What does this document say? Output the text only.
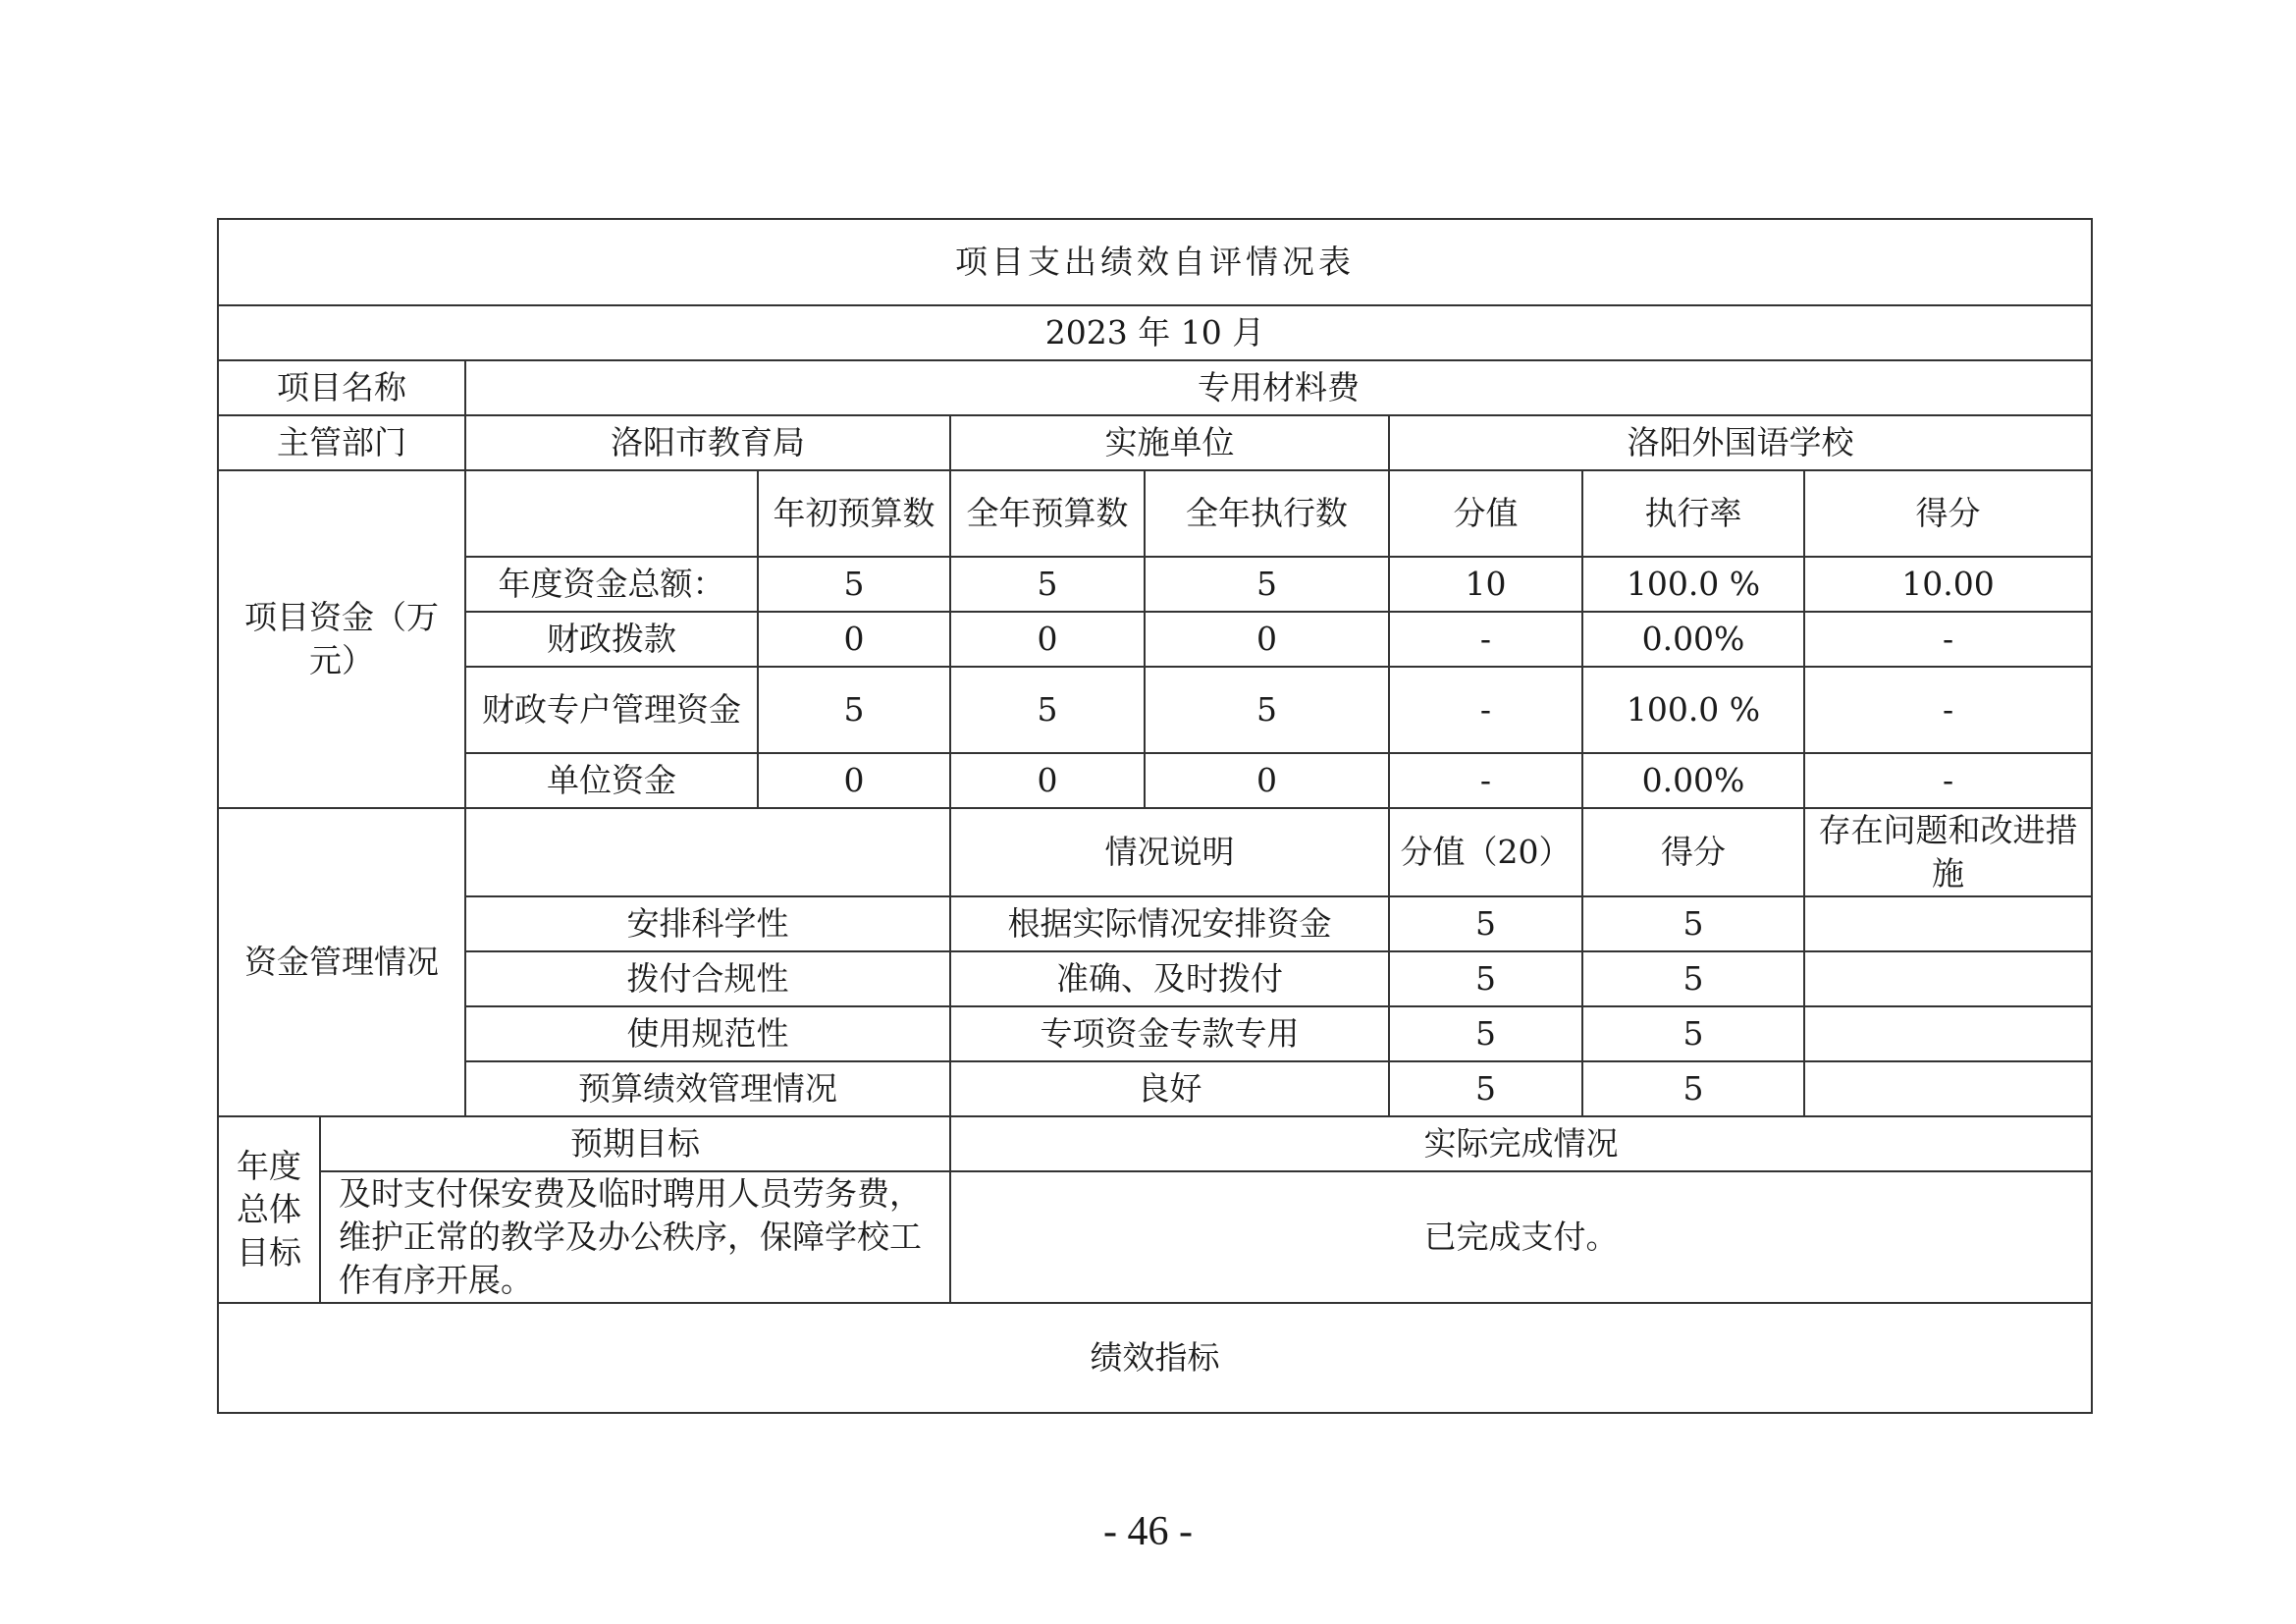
项目支出绩效自评情况表								
2023 年 10 月								
项目名称		专用材料费						
主管部门		洛阳市教育局		实施单位		洛阳外国语学校		
项目资金（万元）			年初预算数	全年预算数	全年执行数	分值	执行率	得分
		年度资金总额：	5	5	5	10	100.0 %	10.00
		财政拨款	0	0	0	-	0.00%	-
		财政专户管理资金	5	5	5	-	100.0 %	-
		单位资金	0	0	0	-	0.00%	-
资金管理情况				情况说明		分值（20）	得分	存在问题和改进措施
		安排科学性		根据实际情况安排资金		5	5	
		拨付合规性		准确、及时拨付		5	5	
		使用规范性		专项资金专款专用		5	5	
		预算绩效管理情况		良好		5	5	
年度总体目标	预期目标			实际完成情况				
	及时支付保安费及临时聘用人员劳务费，维护正常的教学及办公秩序，保障学校工作有序开展。			已完成支付。				
绩效指标								
- 46 -
